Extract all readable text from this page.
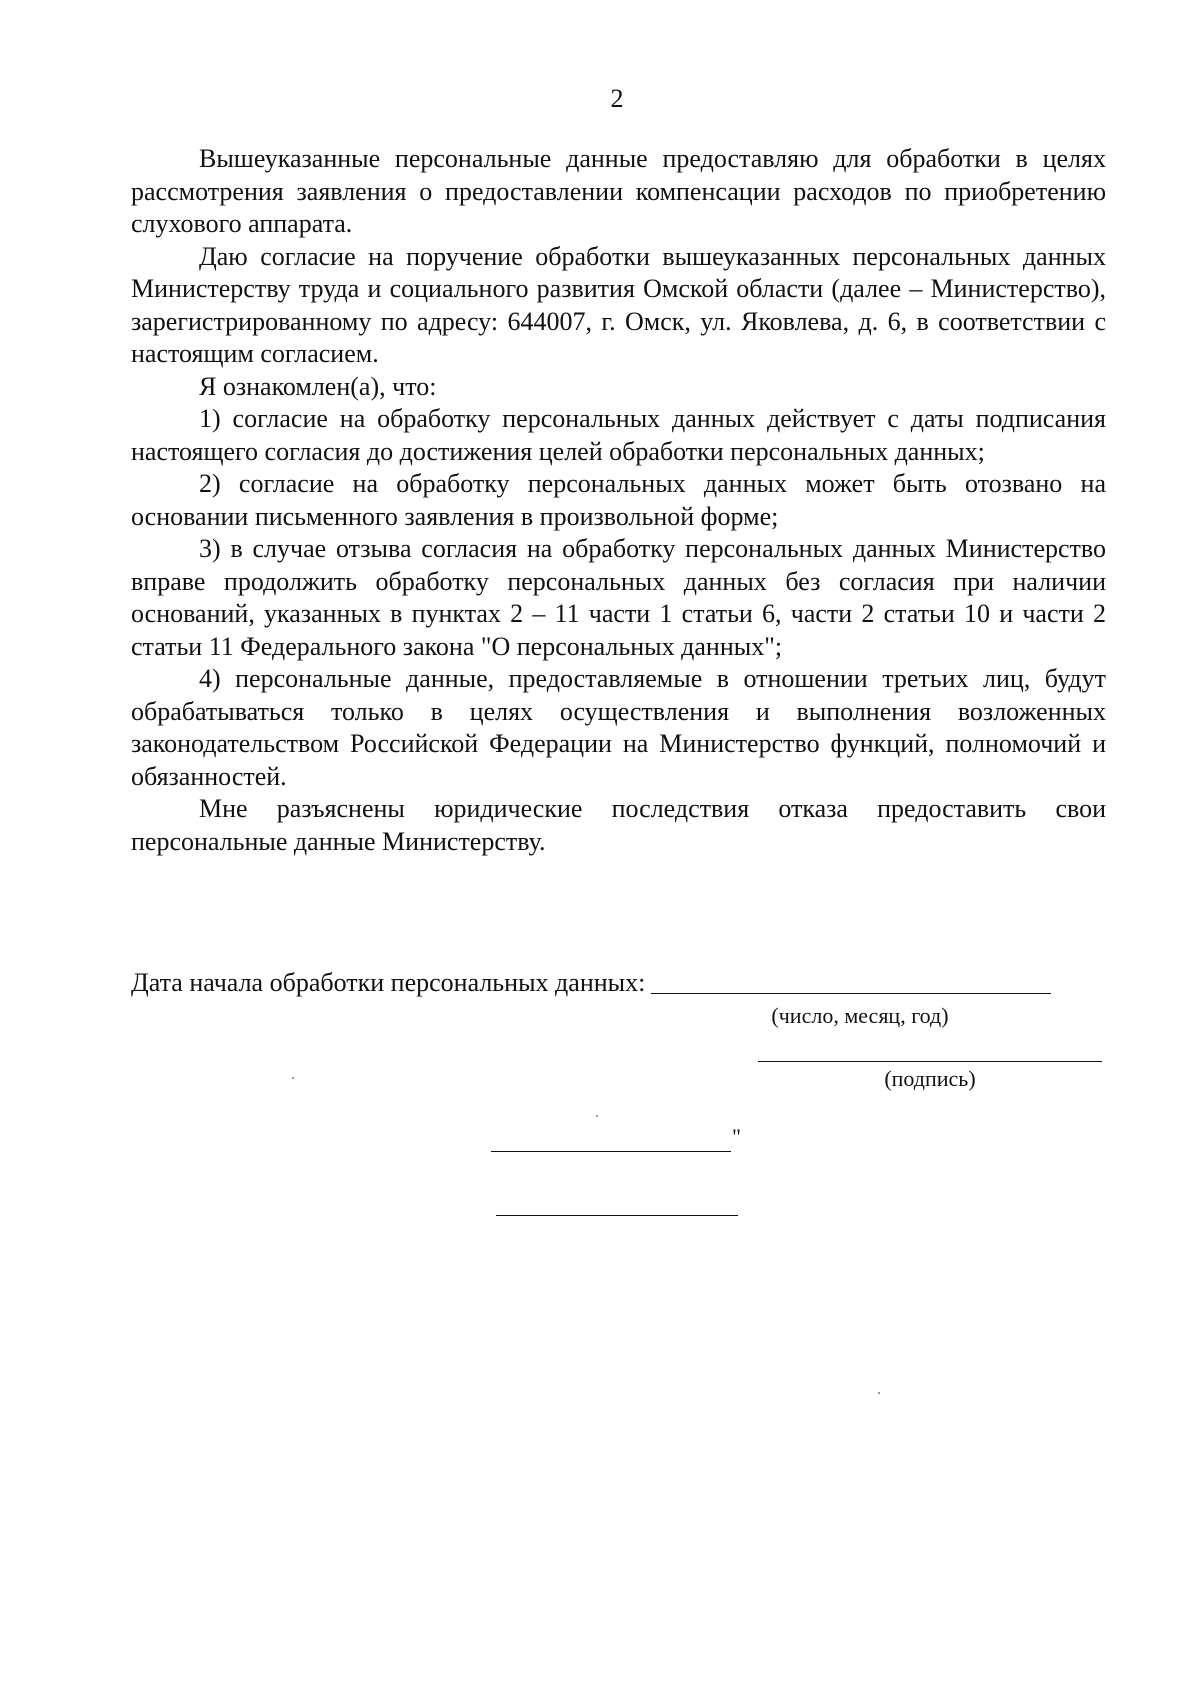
2

Вышеуказанные персональные данные предоставляю для обработки в целях рассмотрения заявления о предоставлении компенсации расходов по приобретению слухового аппарата.

Даю согласие на поручение обработки вышеуказанных персональных данных Министерству труда и социального развития Омской области (далее – Министерство), зарегистрированному по адресу: 644007, г. Омск, ул. Яковлева, д. 6, в соответствии с настоящим согласием.

Я ознакомлен(а), что:

1) согласие на обработку персональных данных действует с даты подписания настоящего согласия до достижения целей обработки персональных данных;

2) согласие на обработку персональных данных может быть отозвано на основании письменного заявления в произвольной форме;

3) в случае отзыва согласия на обработку персональных данных Министерство вправе продолжить обработку персональных данных без согласия при наличии оснований, указанных в пунктах 2 – 11 части 1 статьи 6, части 2 статьи 10 и части 2 статьи 11 Федерального закона "О персональных данных";

4) персональные данные, предоставляемые в отношении третьих лиц, будут обрабатываться только в целях осуществления и выполнения возложенных законодательством Российской Федерации на Министерство функций, полномочий и обязанностей.

Мне разъяснены юридические последствия отказа предоставить свои персональные данные Министерству.

Дата начала обработки персональных данных:
(число, месяц, год)
(подпись)
"
